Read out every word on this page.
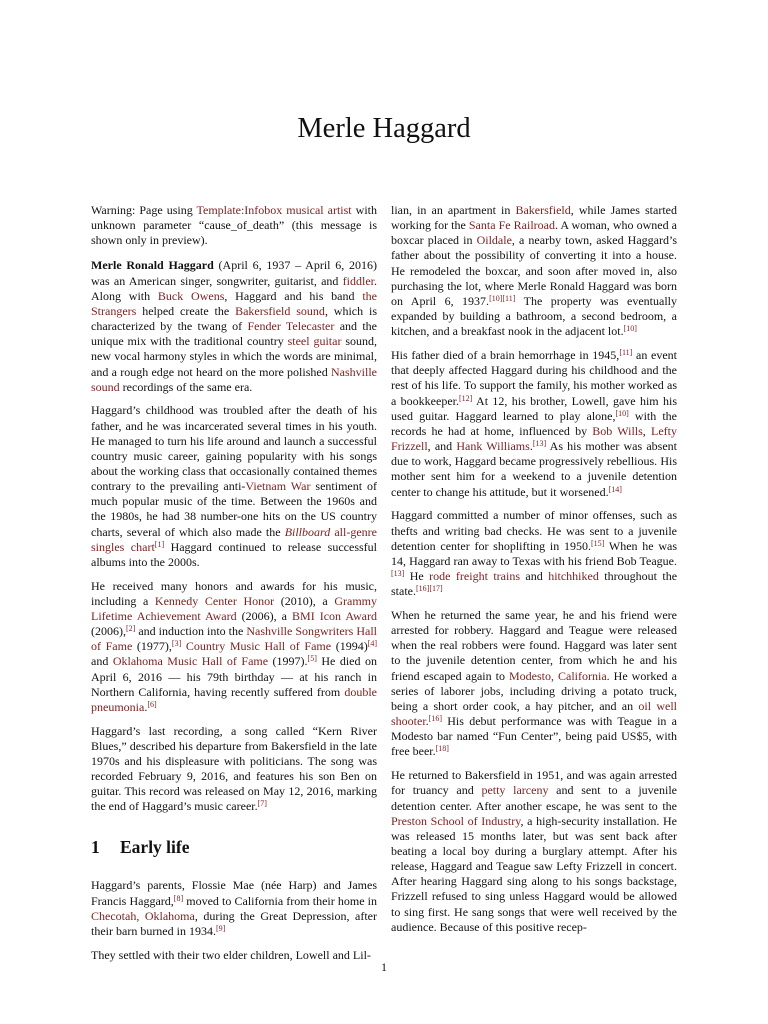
Merle Haggard

Warning: Page using Template:Infobox musical artist with unknown parameter “cause_of_death” (this message is shown only in preview).

Merle Ronald Haggard (April 6, 1937 – April 6, 2016) was an American singer, songwriter, guitarist, and fiddler. Along with Buck Owens, Haggard and his band the Strangers helped create the Bakersfield sound, which is characterized by the twang of Fender Telecaster and the unique mix with the traditional country steel guitar sound, new vocal harmony styles in which the words are minimal, and a rough edge not heard on the more polished Nashville sound recordings of the same era.

Haggard’s childhood was troubled after the death of his father, and he was incarcerated several times in his youth. He managed to turn his life around and launch a successful country music career, gaining popularity with his songs about the working class that occasionally contained themes contrary to the prevailing anti-Vietnam War sentiment of much popular music of the time. Between the 1960s and the 1980s, he had 38 number-one hits on the US country charts, several of which also made the Billboard all-genre singles chart[1] Haggard continued to release successful albums into the 2000s.

He received many honors and awards for his music, including a Kennedy Center Honor (2010), a Grammy Lifetime Achievement Award (2006), a BMI Icon Award (2006),[2] and induction into the Nashville Songwriters Hall of Fame (1977),[3] Country Music Hall of Fame (1994)[4] and Oklahoma Music Hall of Fame (1997).[5] He died on April 6, 2016 — his 79th birthday — at his ranch in Northern California, having recently suffered from double pneumonia.[6]

Haggard’s last recording, a song called “Kern River Blues,” described his departure from Bakersfield in the late 1970s and his displeasure with politicians. The song was recorded February 9, 2016, and features his son Ben on guitar. This record was released on May 12, 2016, marking the end of Haggard’s music career.[7]

1 Early life

Haggard’s parents, Flossie Mae (née Harp) and James Francis Haggard,[8] moved to California from their home in Checotah, Oklahoma, during the Great Depression, after their barn burned in 1934.[9]

They settled with their two elder children, Lowell and Lil-

lian, in an apartment in Bakersfield, while James started working for the Santa Fe Railroad. A woman, who owned a boxcar placed in Oildale, a nearby town, asked Haggard’s father about the possibility of converting it into a house. He remodeled the boxcar, and soon after moved in, also purchasing the lot, where Merle Ronald Haggard was born on April 6, 1937.[10][11] The property was eventually expanded by building a bathroom, a second bedroom, a kitchen, and a breakfast nook in the adjacent lot.[10]

His father died of a brain hemorrhage in 1945,[11] an event that deeply affected Haggard during his childhood and the rest of his life. To support the family, his mother worked as a bookkeeper.[12] At 12, his brother, Lowell, gave him his used guitar. Haggard learned to play alone,[10] with the records he had at home, influenced by Bob Wills, Lefty Frizzell, and Hank Williams.[13] As his mother was absent due to work, Haggard became progressively rebellious. His mother sent him for a weekend to a juvenile detention center to change his attitude, but it worsened.[14]

Haggard committed a number of minor offenses, such as thefts and writing bad checks. He was sent to a juvenile detention center for shoplifting in 1950.[15] When he was 14, Haggard ran away to Texas with his friend Bob Teague.[13] He rode freight trains and hitchhiked throughout the state.[16][17]

When he returned the same year, he and his friend were arrested for robbery. Haggard and Teague were released when the real robbers were found. Haggard was later sent to the juvenile detention center, from which he and his friend escaped again to Modesto, California. He worked a series of laborer jobs, including driving a potato truck, being a short order cook, a hay pitcher, and an oil well shooter.[16] His debut performance was with Teague in a Modesto bar named “Fun Center”, being paid US$5, with free beer.[18]

He returned to Bakersfield in 1951, and was again arrested for truancy and petty larceny and sent to a juvenile detention center. After another escape, he was sent to the Preston School of Industry, a high-security installation. He was released 15 months later, but was sent back after beating a local boy during a burglary attempt. After his release, Haggard and Teague saw Lefty Frizzell in concert. After hearing Haggard sing along to his songs backstage, Frizzell refused to sing unless Haggard would be allowed to sing first. He sang songs that were well received by the audience. Because of this positive recep-

1
